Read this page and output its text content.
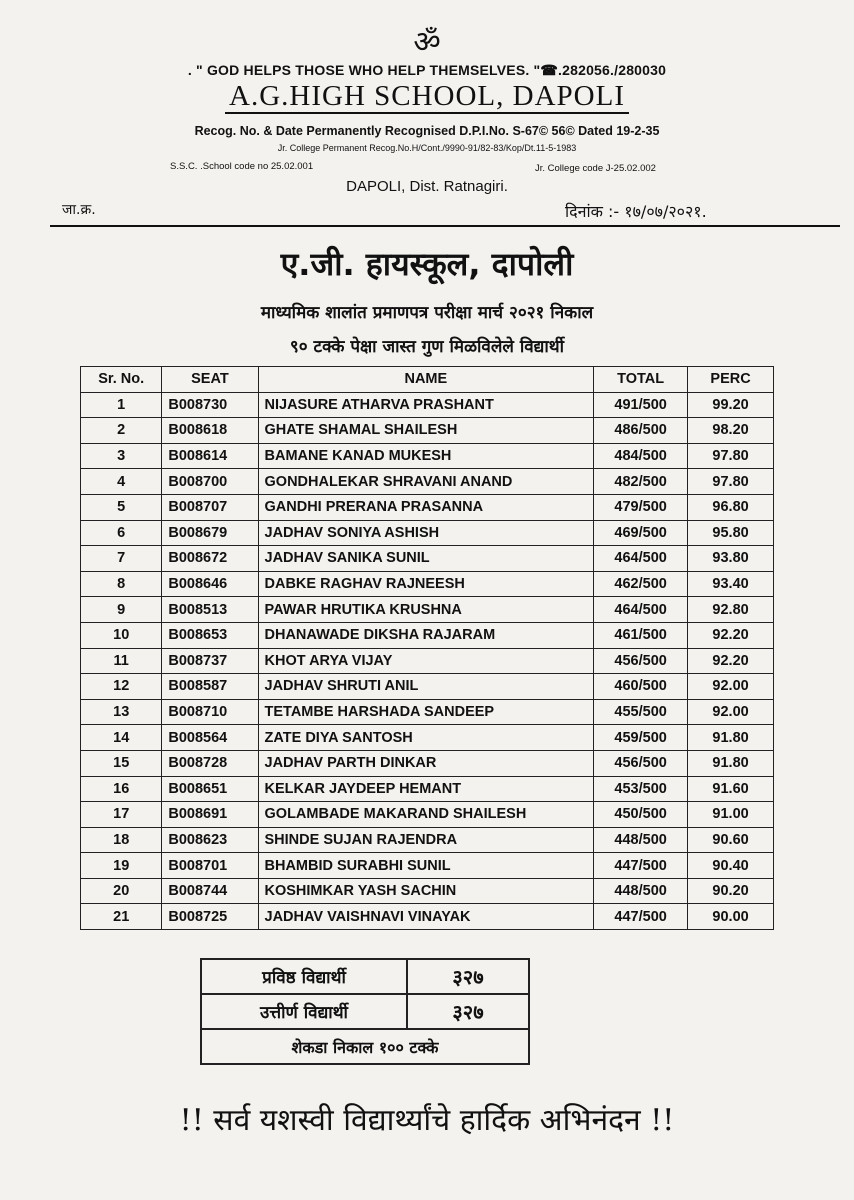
ॐ
. " GOD HELPS THOSE WHO HELP THEMSELVES. "☎.282056./280030
A.G.HIGH SCHOOL, DAPOLI
Recog. No. & Date Permanently Recognised D.P.I.No. S-67© 56© Dated 19-2-35
Jr. College Permanent Recog.No.H/Cont./9990-91/82-83/Kop/Dt.11-5-1983
S.S.C. .School code no 25.02.001	Jr. College code J-25.02.002
DAPOLI, Dist. Ratnagiri.
जा.क्र.	दिनांक :- १७/०७/२०२१.
ए.जी. हायस्कूल, दापोली
माध्यमिक शालांत प्रमाणपत्र परीक्षा मार्च २०२१ निकाल
९० टक्के पेक्षा जास्त गुण मिळविलेले विद्यार्थी
Sr. No.	SEAT	NAME	TOTAL	PERC
1	B008730	NIJASURE ATHARVA PRASHANT	491/500	99.20
2	B008618	GHATE SHAMAL SHAILESH	486/500	98.20
3	B008614	BAMANE KANAD MUKESH	484/500	97.80
4	B008700	GONDHALEKAR SHRAVANI ANAND	482/500	97.80
5	B008707	GANDHI PRERANA PRASANNA	479/500	96.80
6	B008679	JADHAV SONIYA ASHISH	469/500	95.80
7	B008672	JADHAV SANIKA SUNIL	464/500	93.80
8	B008646	DABKE RAGHAV RAJNEESH	462/500	93.40
9	B008513	PAWAR HRUTIKA KRUSHNA	464/500	92.80
10	B008653	DHANAWADE DIKSHA RAJARAM	461/500	92.20
11	B008737	KHOT ARYA VIJAY	456/500	92.20
12	B008587	JADHAV SHRUTI ANIL	460/500	92.00
13	B008710	TETAMBE HARSHADA SANDEEP	455/500	92.00
14	B008564	ZATE DIYA SANTOSH	459/500	91.80
15	B008728	JADHAV PARTH DINKAR	456/500	91.80
16	B008651	KELKAR JAYDEEP HEMANT	453/500	91.60
17	B008691	GOLAMBADE MAKARAND SHAILESH	450/500	91.00
18	B008623	SHINDE SUJAN RAJENDRA	448/500	90.60
19	B008701	BHAMBID SURABHI SUNIL	447/500	90.40
20	B008744	KOSHIMKAR YASH SACHIN	448/500	90.20
21	B008725	JADHAV VAISHNAVI VINAYAK	447/500	90.00
प्रविष्ठ विद्यार्थी	३२७
उत्तीर्ण विद्यार्थी	३२७
शेकडा निकाल १०० टक्के	
!! सर्व यशस्वी विद्यार्थ्यांचे हार्दिक अभिनंदन !!
